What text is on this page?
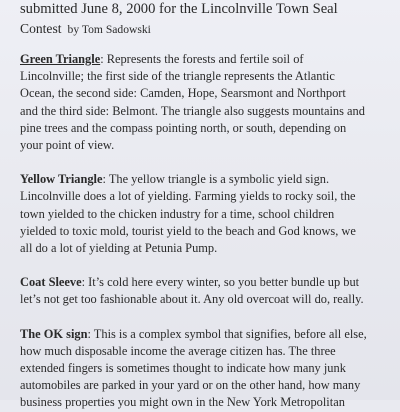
submitted June 8, 2000 for the Lincolnville Town Seal
Contest by Tom Sadowski
Green Triangle: Represents the forests and fertile soil of
Lincolnville; the first side of the triangle represents the Atlantic
Ocean, the second side: Camden, Hope, Searsmont and Northport
and the third side: Belmont. The triangle also suggests mountains and
pine trees and the compass pointing north, or south, depending on
your point of view.
Yellow Triangle: The yellow triangle is a symbolic yield sign.
Lincolnville does a lot of yielding. Farming yields to rocky soil, the
town yielded to the chicken industry for a time, school children
yielded to toxic mold, tourist yield to the beach and God knows, we
all do a lot of yielding at Petunia Pump.
Coat Sleeve: It’s cold here every winter, so you better bundle up but
let’s not get too fashionable about it. Any old overcoat will do, really.
The OK sign: This is a complex symbol that signifies, before all else,
how much disposable income the average citizen has. The three
extended fingers is sometimes thought to indicate how many junk
automobiles are parked in your yard or on the other hand, how many
business properties you might own in the New York Metropolitan
